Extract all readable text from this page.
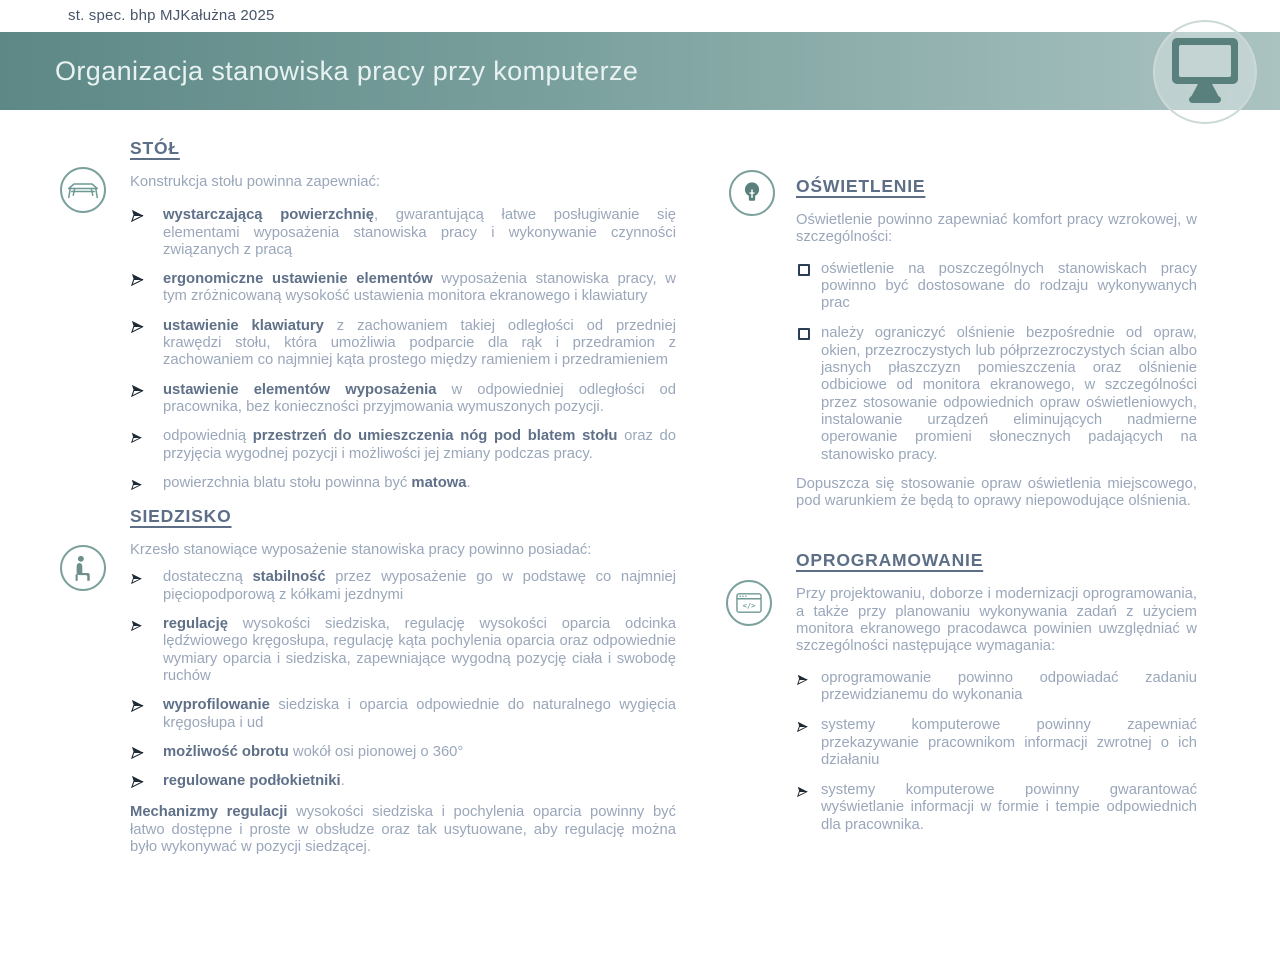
st. spec. bhp MJKałużna 2025
Organizacja stanowiska pracy przy komputerze
</>
STÓŁ

Konstrukcja stołu powinna zapewniać:

wystarczającą powierzchnię, gwarantującą łatwe posługiwanie się elementami wyposażenia stanowiska pracy i wykonywanie czynności związanych z pracą
ergonomiczne ustawienie elementów wyposażenia stanowiska pracy, w tym zróżnicowaną wysokość ustawienia monitora ekranowego i klawiatury
ustawienie klawiatury z zachowaniem takiej odległości od przedniej krawędzi stołu, która umożliwia podparcie dla rąk i przedramion z zachowaniem co najmniej kąta prostego między ramieniem i przedramieniem
ustawienie elementów wyposażenia w odpowiedniej odległości od pracownika, bez konieczności przyjmowania wymuszonych pozycji.
odpowiednią przestrzeń do umieszczenia nóg pod blatem stołu oraz do przyjęcia wygodnej pozycji i możliwości jej zmiany podczas pracy.
powierzchnia blatu stołu powinna być matowa.
SIEDZISKO

Krzesło stanowiące wyposażenie stanowiska pracy powinno posiadać:

dostateczną stabilność przez wyposażenie go w podstawę co najmniej pięciopodporową z kółkami jezdnymi
regulację wysokości siedziska, regulację wysokości oparcia odcinka lędźwiowego kręgosłupa, regulację kąta pochylenia oparcia oraz odpowiednie wymiary oparcia i siedziska, zapewniające wygodną pozycję ciała i swobodę ruchów
wyprofilowanie siedziska i oparcia odpowiednie do naturalnego wygięcia kręgosłupa i ud
możliwość obrotu wokół osi pionowej o 360°
regulowane podłokietniki.

Mechanizmy regulacji wysokości siedziska i pochylenia oparcia powinny być łatwo dostępne i proste w obsłudze oraz tak usytuowane, aby regulację można było wykonywać w pozycji siedzącej.

OŚWIETLENIE

Oświetlenie powinno zapewniać komfort pracy wzrokowej, w szczególności:

oświetlenie na poszczególnych stanowiskach pracy powinno być dostosowane do rodzaju wykonywanych prac
należy ograniczyć olśnienie bezpośrednie od opraw, okien, przezroczystych lub półprzezroczystych ścian albo jasnych płaszczyzn pomieszczenia oraz olśnienie odbiciowe od monitora ekranowego, w szczególności przez stosowanie odpowiednich opraw oświetleniowych, instalowanie urządzeń eliminujących nadmierne operowanie promieni słonecznych padających na stanowisko pracy.

Dopuszcza się stosowanie opraw oświetlenia miejscowego, pod warunkiem że będą to oprawy niepowodujące olśnienia.

OPROGRAMOWANIE

Przy projektowaniu, doborze i modernizacji oprogramowania, a także przy planowaniu wykonywania zadań z użyciem monitora ekranowego pracodawca powinien uwzględniać w szczególności następujące wymagania:

oprogramowanie powinno odpowiadać zadaniu przewidzianemu do wykonania
systemy komputerowe powinny zapewniać przekazywanie pracownikom informacji zwrotnej o ich działaniu
systemy komputerowe powinny gwarantować wyświetlanie informacji w formie i tempie odpowiednich dla pracownika.
